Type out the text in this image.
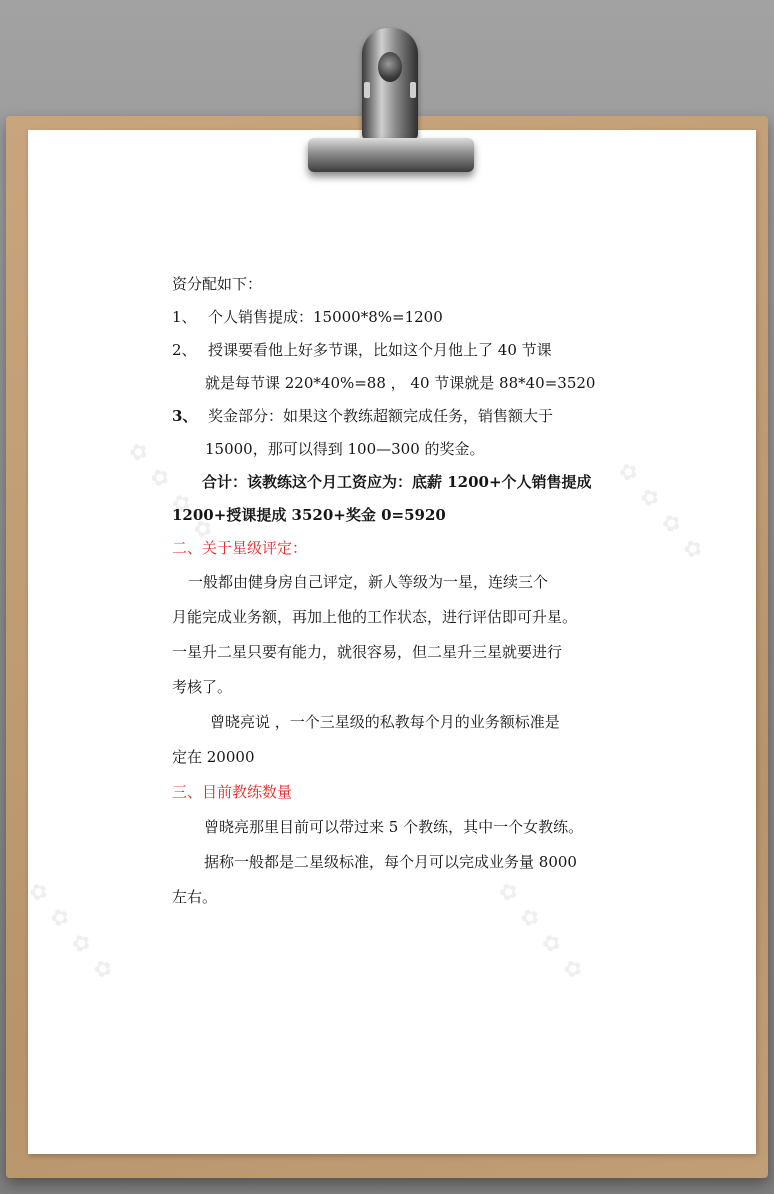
✿ ✿ ✿ ✿	✿ ✿ ✿ ✿
✿ ✿ ✿ ✿	✿ ✿ ✿ ✿
资分配如下：
1、 个人销售提成：15000*8%=1200
2、 授课要看他上好多节课，比如这个月他上了 40 节课
就是每节课 220*40%=88 ， 40 节课就是 88*40=3520
3、 奖金部分：如果这个教练超额完成任务，销售额大于
15000，那可以得到 100—300 的奖金。
合计：该教练这个月工资应为：底薪 1200+个人销售提成
1200+授课提成 3520+奖金 0=5920
二、关于星级评定：
一般都由健身房自己评定，新人等级为一星，连续三个
月能完成业务额，再加上他的工作状态，进行评估即可升星。
一星升二星只要有能力，就很容易，但二星升三星就要进行
考核了。
曾晓亮说 ，一个三星级的私教每个月的业务额标准是
定在 20000
三、目前教练数量
曾晓亮那里目前可以带过来 5 个教练，其中一个女教练。
据称一般都是二星级标准，每个月可以完成业务量 8000
左右。
